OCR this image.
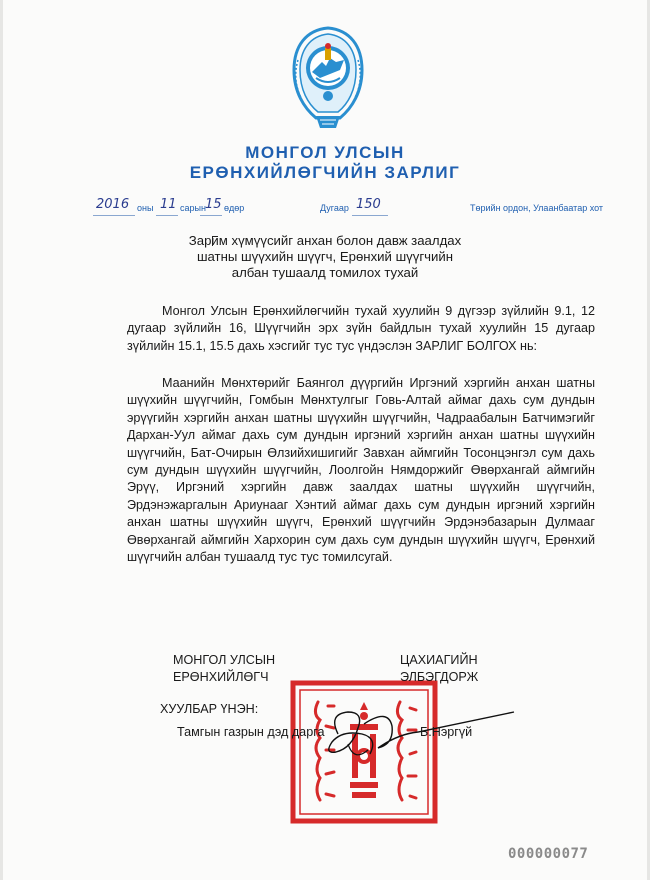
МОНГОЛ УЛСЫН
ЕРӨНХИЙЛӨГЧИЙН ЗАРЛИГ
2016 оны 11 сарын 15 өдөр	Дугаар 150	Төрийн ордон, Улаанбаатар хот
Зарим хүмүүсийг анхан болон давж заалдах
шатны шүүхийн шүүгч, Ерөнхий шүүгчийн
албан тушаалд томилох тухай

Монгол Улсын Ерөнхийлөгчийн тухай хуулийн 9 дүгээр зүйлийн 9.1, 12 дугаар зүйлийн 16, Шүүгчийн эрх зүйн байдлын тухай хуулийн 15 дугаар зүйлийн 15.1, 15.5 дахь хэсгийг тус тус үндэслэн ЗАРЛИГ БОЛГОХ нь:

Маанийн Мөнхтөрийг Баянгол дүүргийн Иргэний хэргийн анхан шатны шүүхийн шүүгчийн, Гомбын Мөнхтулгыг Говь-Алтай аймаг дахь сум дундын эрүүгийн хэргийн анхан шатны шүүхийн шүүгчийн, Чадраабалын Батчимэгийг Дархан-Уул аймаг дахь сум дундын иргэний хэргийн анхан шатны шүүхийн шүүгчийн, Бат-Очирын Өлзийхишигийг Завхан аймгийн Тосонцэнгэл сум дахь сум дундын шүүхийн шүүгчийн, Лоолгойн Нямдоржийг Өвөрхангай аймгийн Эрүү, Иргэний хэргийн давж заалдах шатны шүүхийн шүүгчийн, Эрдэнэжаргалын Ариунааг Хэнтий аймаг дахь сум дундын иргэний хэргийн анхан шатны шүүхийн шүүгч, Ерөнхий шүүгчийн Эрдэнэбазарын Дулмааг Өвөрхангай аймгийн Хархорин сум дахь сум дундын шүүхийн шүүгч, Ерөнхий шүүгчийн албан тушаалд тус тус томилсугай.

МОНГОЛ УЛСЫН
ЕРӨНХИЙЛӨГЧ
ЦАХИАГИЙН
ЭЛБЭГДОРЖ
ХУУЛБАР ҮНЭН:
Тамгын газрын дэд дарга	Б.Нэргүй
000000077
